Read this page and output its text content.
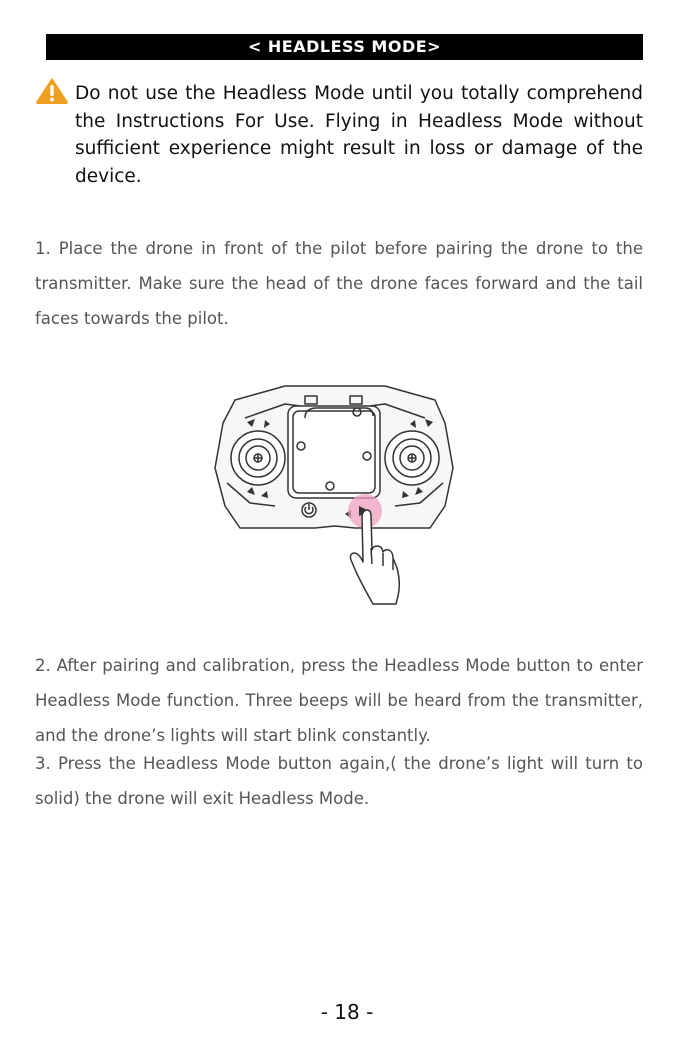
< HEADLESS MODE>
Do not use the Headless Mode until you totally comprehend the Instructions For Use. Flying in Headless Mode without sufficient experience might result in loss or damage of the device.
1. Place the drone in front of the pilot before pairing the drone to the transmitter. Make sure the head of the drone faces forward and the tail faces towards the pilot.
2. After pairing and calibration, press the Headless Mode button to enter Headless Mode function. Three beeps will be heard from the transmitter, and the drone’s lights will start blink constantly.
3. Press the Headless Mode button again,( the drone’s light will turn to solid) the drone will exit Headless Mode.
- 18 -
